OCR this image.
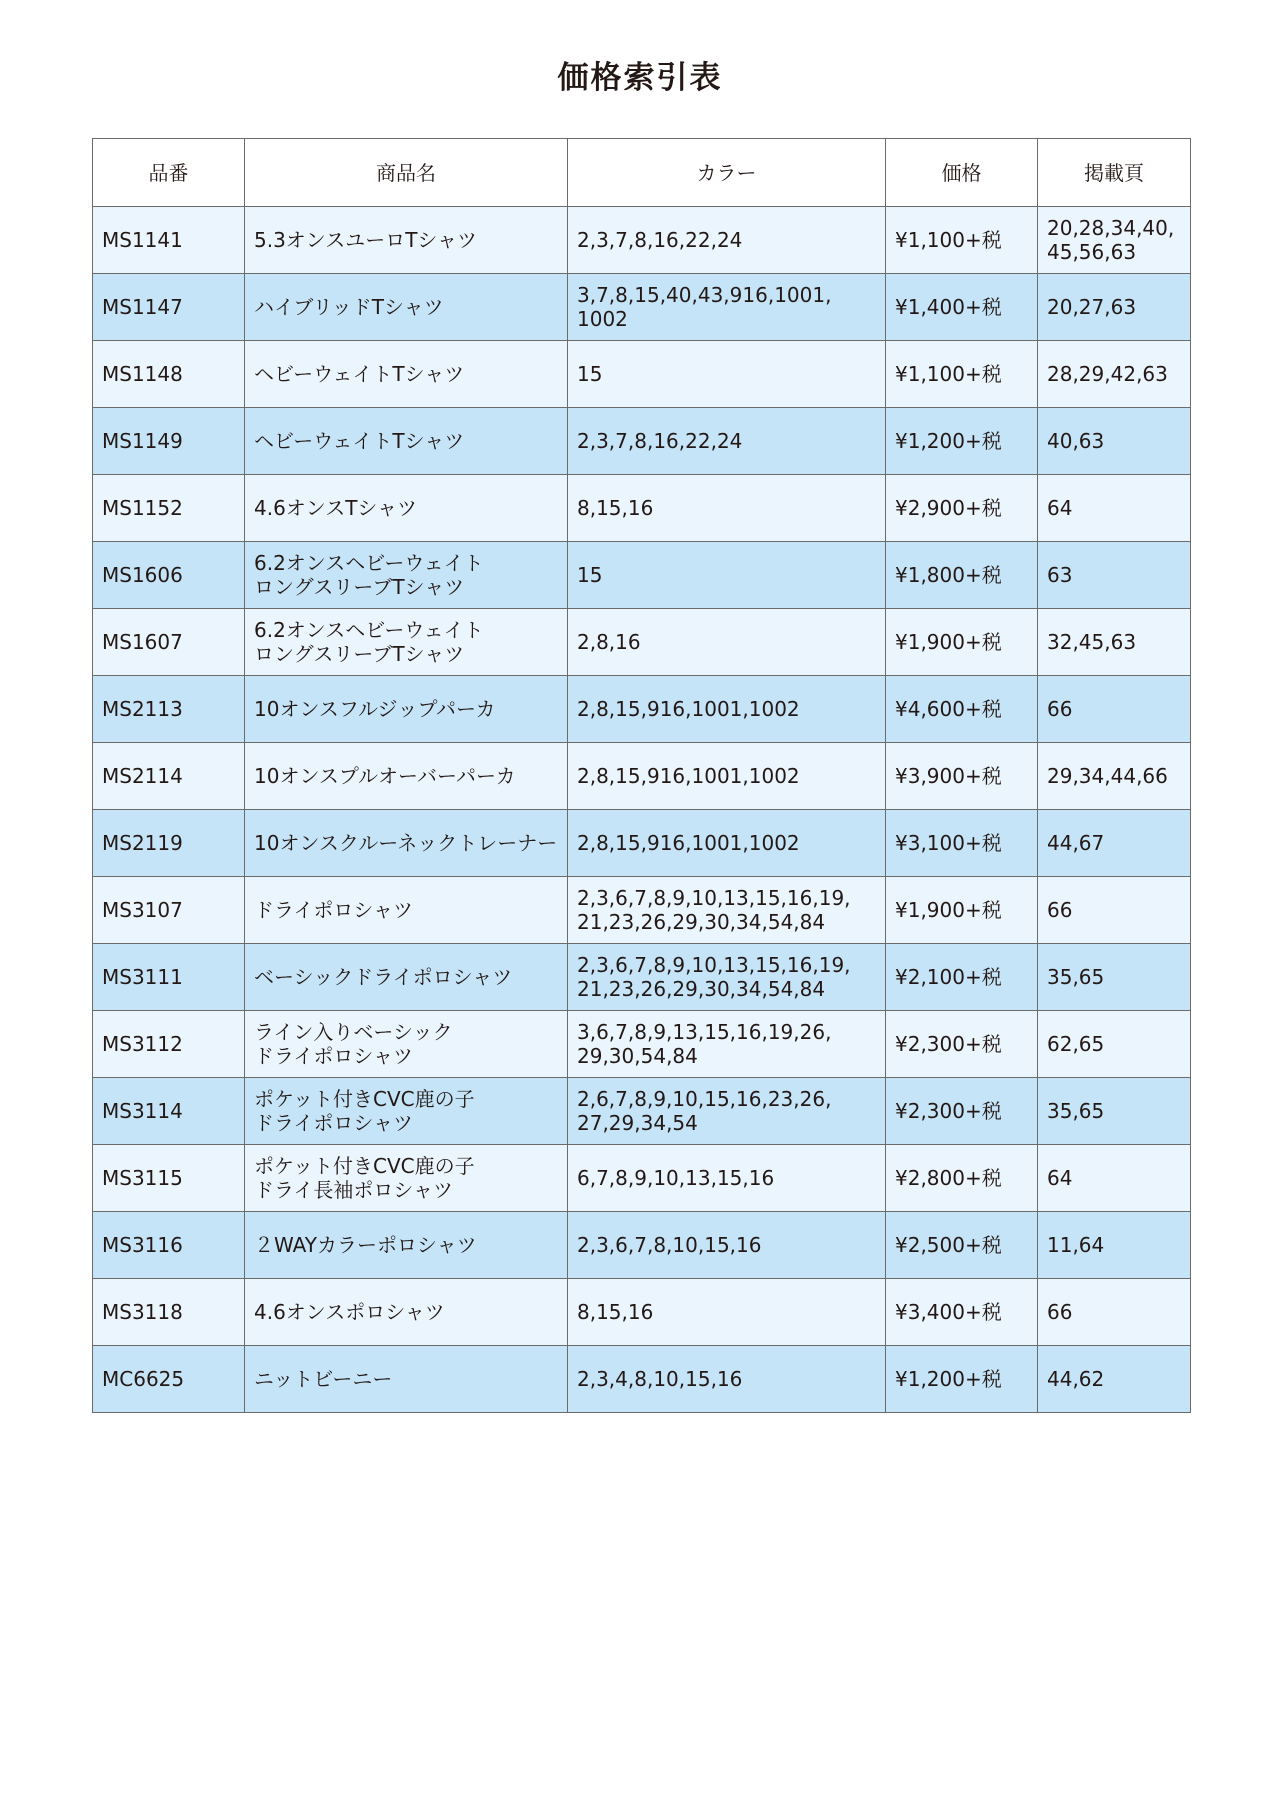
価格索引表
品番	商品名	カラー	価格	掲載頁
MS1141	5.3オンスユーロTシャツ	2,3,7,8,16,22,24	¥1,100+税	20,28,34,40,
45,56,63
MS1147	ハイブリッドTシャツ	3,7,8,15,40,43,916,1001,
1002	¥1,400+税	20,27,63
MS1148	ヘビーウェイトTシャツ	15	¥1,100+税	28,29,42,63
MS1149	ヘビーウェイトTシャツ	2,3,7,8,16,22,24	¥1,200+税	40,63
MS1152	4.6オンスTシャツ	8,15,16	¥2,900+税	64
MS1606	6.2オンスヘビーウェイト
ロングスリーブTシャツ	15	¥1,800+税	63
MS1607	6.2オンスヘビーウェイト
ロングスリーブTシャツ	2,8,16	¥1,900+税	32,45,63
MS2113	10オンスフルジップパーカ	2,8,15,916,1001,1002	¥4,600+税	66
MS2114	10オンスプルオーバーパーカ	2,8,15,916,1001,1002	¥3,900+税	29,34,44,66
MS2119	10オンスクルーネックトレーナー	2,8,15,916,1001,1002	¥3,100+税	44,67
MS3107	ドライポロシャツ	2,3,6,7,8,9,10,13,15,16,19,
21,23,26,29,30,34,54,84	¥1,900+税	66
MS3111	ベーシックドライポロシャツ	2,3,6,7,8,9,10,13,15,16,19,
21,23,26,29,30,34,54,84	¥2,100+税	35,65
MS3112	ライン入りベーシック
ドライポロシャツ	3,6,7,8,9,13,15,16,19,26,
29,30,54,84	¥2,300+税	62,65
MS3114	ポケット付きCVC鹿の子
ドライポロシャツ	2,6,7,8,9,10,15,16,23,26,
27,29,34,54	¥2,300+税	35,65
MS3115	ポケット付きCVC鹿の子
ドライ長袖ポロシャツ	6,7,8,9,10,13,15,16	¥2,800+税	64
MS3116	２WAYカラーポロシャツ	2,3,6,7,8,10,15,16	¥2,500+税	11,64
MS3118	4.6オンスポロシャツ	8,15,16	¥3,400+税	66
MC6625	ニットビーニー	2,3,4,8,10,15,16	¥1,200+税	44,62
